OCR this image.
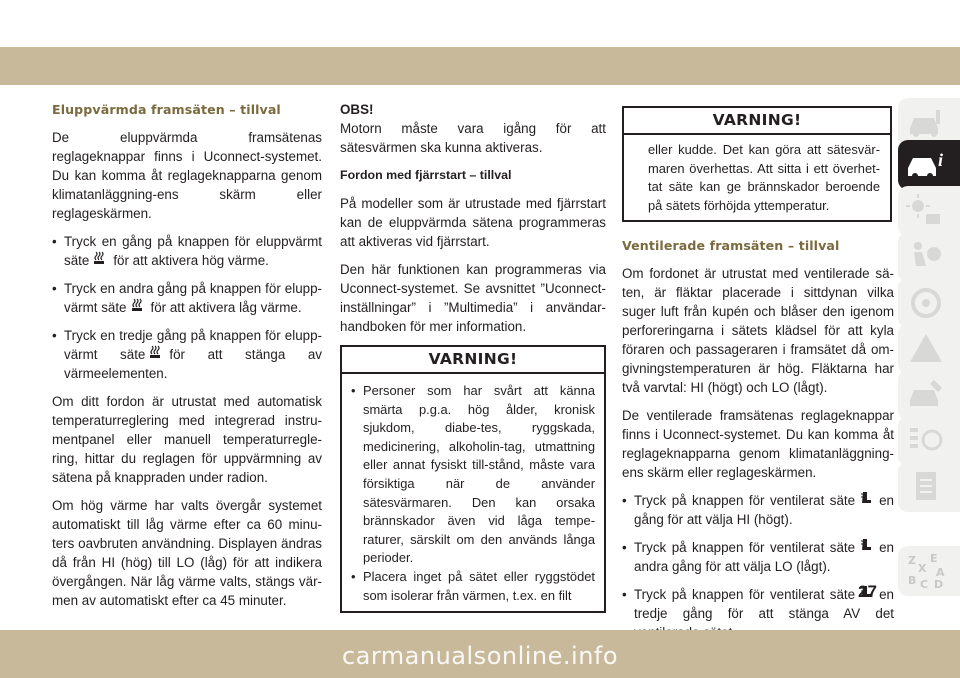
Eluppvärmda framsäten – tillval

De eluppvärmda framsätenas reglageknappar finns i Uconnect-systemet. Du kan komma åt reglageknapparna genom klimatanläggning-ens skärm eller reglageskärmen.

• Tryck en gång på knappen för eluppvärmt säte för att aktivera hög värme.
• Tryck en andra gång på knappen för elupp-värmt säte för att aktivera låg värme.
• Tryck en tredje gång på knappen för elupp-värmt säte för att stänga av värmeelementen.

Om ditt fordon är utrustat med automatisk temperaturreglering med integrerad instru-mentpanel eller manuell temperaturregle-ring, hittar du reglagen för uppvärmning av sätena på knappraden under radion.

Om hög värme har valts övergår systemet automatiskt till låg värme efter ca 60 minu-ters oavbruten användning. Displayen ändras då från HI (hög) till LO (låg) för att indikera övergången. När låg värme valts, stängs vär-men av automatiskt efter ca 45 minuter.

OBS!

Motorn måste vara igång för att sätesvärmen ska kunna aktiveras.

Fordon med fjärrstart – tillval

På modeller som är utrustade med fjärrstart kan de eluppvärmda sätena programmeras att aktiveras vid fjärrstart.

Den här funktionen kan programmeras via Uconnect-systemet. Se avsnittet ”Uconnect-inställningar” i ”Multimedia” i användar-handboken för mer information.

VARNING!
• Personer som har svårt att känna smärta p.g.a. hög ålder, kronisk sjukdom, diabe-tes, ryggskada, medicinering, alkoholin-tag, utmattning eller annat fysiskt till-stånd, måste vara försiktiga när de använder sätesvärmaren. Den kan orsaka brännskador även vid låga tempe-raturer, särskilt om den används långa perioder.
• Placera inget på sätet eller ryggstödet som isolerar från värmen, t.ex. en filt
VARNING!
eller kudde. Det kan göra att sätesvär-maren överhettas. Att sitta i ett överhet-tat säte kan ge brännskador beroende på sätets förhöjda yttemperatur.
Ventilerade framsäten – tillval

Om fordonet är utrustat med ventilerade sä-ten, är fläktar placerade i sittdynan vilka suger luft från kupén och blåser den igenom perforeringarna i sätets klädsel för att kyla föraren och passageraren i framsätet då om-givningstemperaturen är hög. Fläktarna har två varvtal: HI (högt) och LO (lågt).

De ventilerade framsätenas reglageknappar finns i Uconnect-systemet. Du kan komma åt reglageknapparna genom klimatanläggning-ens skärm eller reglageskärmen.

• Tryck på knappen för ventilerat säte en gång för att välja HI (högt).
• Tryck på knappen för ventilerat säte en andra gång för att välja LO (lågt).
• Tryck på knappen för ventilerat säte en tredje gång för att stänga AV det
i
Z E
X A
B C D
27
carmanualsonline.info
